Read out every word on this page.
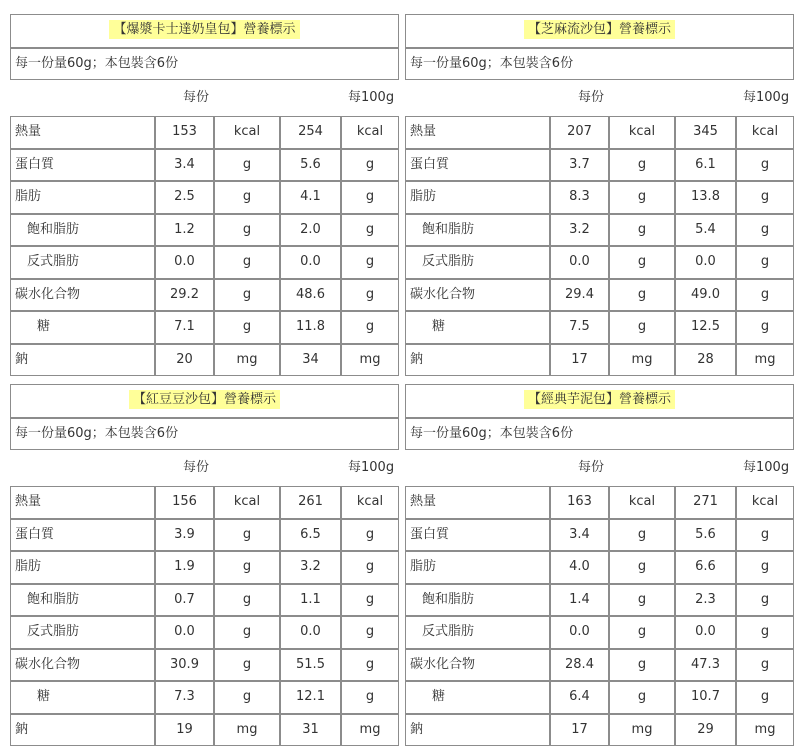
【爆漿卡士達奶皇包】營養標示
每一份量60g；本包裝含6份
每份	每100g
熱量	153	kcal	254	kcal
蛋白質	3.4	g	5.6	g
脂肪	2.5	g	4.1	g
飽和脂肪	1.2	g	2.0	g
反式脂肪	0.0	g	0.0	g
碳水化合物	29.2	g	48.6	g
糖	7.1	g	11.8	g
鈉	20	mg	34	mg
【芝麻流沙包】營養標示
每一份量60g；本包裝含6份
每份	每100g
熱量	207	kcal	345	kcal
蛋白質	3.7	g	6.1	g
脂肪	8.3	g	13.8	g
飽和脂肪	3.2	g	5.4	g
反式脂肪	0.0	g	0.0	g
碳水化合物	29.4	g	49.0	g
糖	7.5	g	12.5	g
鈉	17	mg	28	mg
【紅豆豆沙包】營養標示
每一份量60g；本包裝含6份
每份	每100g
熱量	156	kcal	261	kcal
蛋白質	3.9	g	6.5	g
脂肪	1.9	g	3.2	g
飽和脂肪	0.7	g	1.1	g
反式脂肪	0.0	g	0.0	g
碳水化合物	30.9	g	51.5	g
糖	7.3	g	12.1	g
鈉	19	mg	31	mg
【經典芋泥包】營養標示
每一份量60g；本包裝含6份
每份	每100g
熱量	163	kcal	271	kcal
蛋白質	3.4	g	5.6	g
脂肪	4.0	g	6.6	g
飽和脂肪	1.4	g	2.3	g
反式脂肪	0.0	g	0.0	g
碳水化合物	28.4	g	47.3	g
糖	6.4	g	10.7	g
鈉	17	mg	29	mg
